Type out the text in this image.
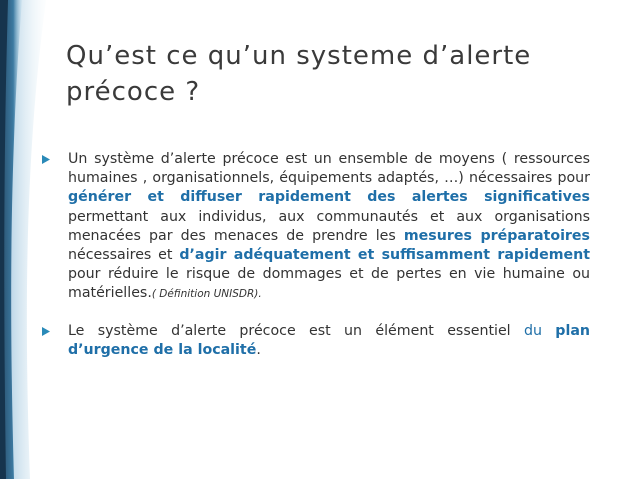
Qu’est ce qu’un systeme d’alerte précoce ?
Un système d’alerte précoce est un ensemble de moyens ( ressources humaines , organisationnels, équipements adaptés, …) nécessaires pour générer et diffuser rapidement des alertes significatives permettant aux individus, aux communautés et aux organisations menacées par des menaces de prendre les mesures préparatoires nécessaires et d’agir adéquatement et suffisamment rapidement pour réduire le risque de dommages et de pertes en vie humaine ou matérielles.( Définition UNISDR).
Le système d’alerte précoce est un élément essentiel du plan d’urgence de la localité.
